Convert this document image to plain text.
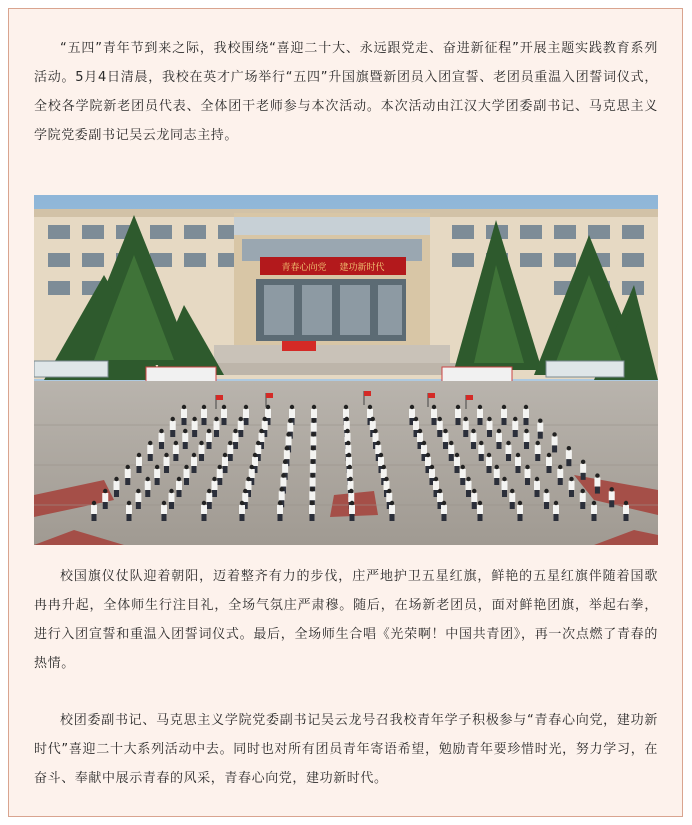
“五四”青年节到来之际，我校围绕“喜迎二十大、永远跟党走、奋进新征程”开展主题实践教育系列活动。5月4日清晨，我校在英才广场举行“五四”升国旗暨新团员入团宣誓、老团员重温入团誓词仪式，全校各学院新老团员代表、全体团干老师参与本次活动。本次活动由江汉大学团委副书记、马克思主义学院党委副书记吴云龙同志主持。

青春心向党 建功新时代

校国旗仪仗队迎着朝阳，迈着整齐有力的步伐，庄严地护卫五星红旗，鲜艳的五星红旗伴随着国歌冉冉升起，全体师生行注目礼，全场气氛庄严肃穆。随后，在场新老团员，面对鲜艳团旗，举起右拳，进行入团宣誓和重温入团誓词仪式。最后，全场师生合唱《光荣啊！中国共青团》，再一次点燃了青春的热情。

校团委副书记、马克思主义学院党委副书记吴云龙号召我校青年学子积极参与“青春心向党，建功新时代”喜迎二十大系列活动中去。同时也对所有团员青年寄语希望，勉励青年要珍惜时光，努力学习，在奋斗、奉献中展示青春的风采，青春心向党，建功新时代。
